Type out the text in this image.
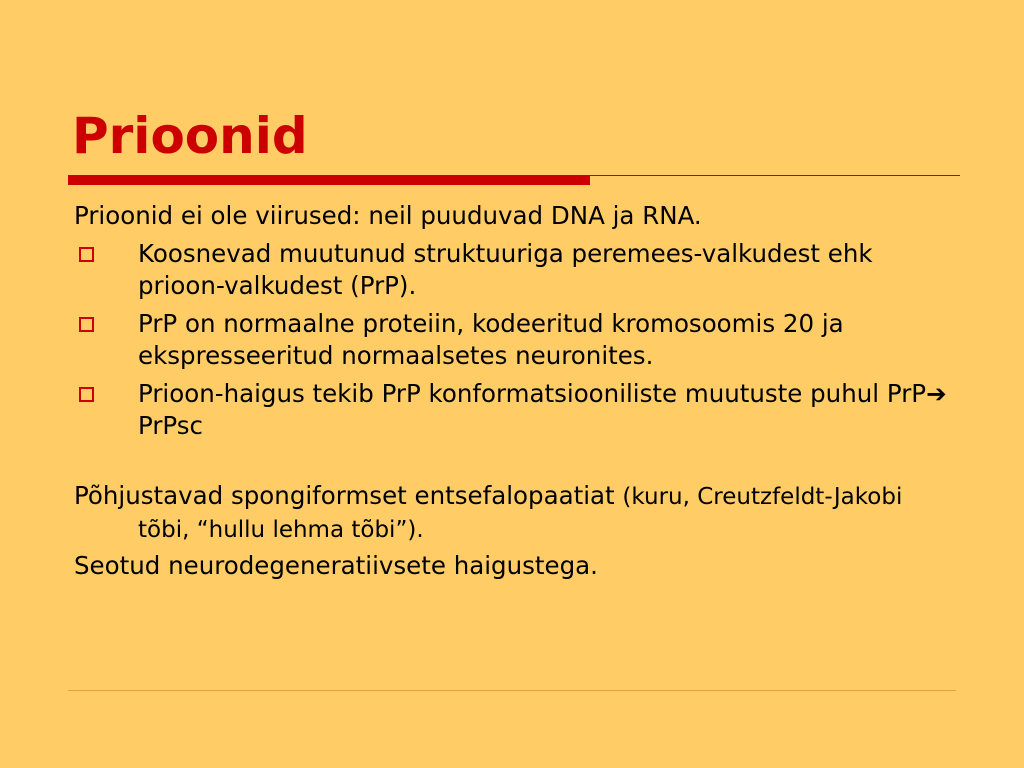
Prioonid

Prioonid ei ole viirused: neil puuduvad DNA ja RNA.

Koosnevad muutunud struktuuriga peremees-valkudest ehk prioon-valkudest (PrP).
PrP on normaalne proteiin, kodeeritud kromosoomis 20 ja ekspresseeritud normaalsetes neuronites.
Prioon-haigus tekib PrP konformatsiooniliste muutuste puhul PrP➔PrPsc

Põhjustavad spongiformset entsefalopaatiat (kuru, Creutzfeldt-Jakobi tõbi, “hullu lehma tõbi”).

Seotud neurodegeneratiivsete haigustega.
